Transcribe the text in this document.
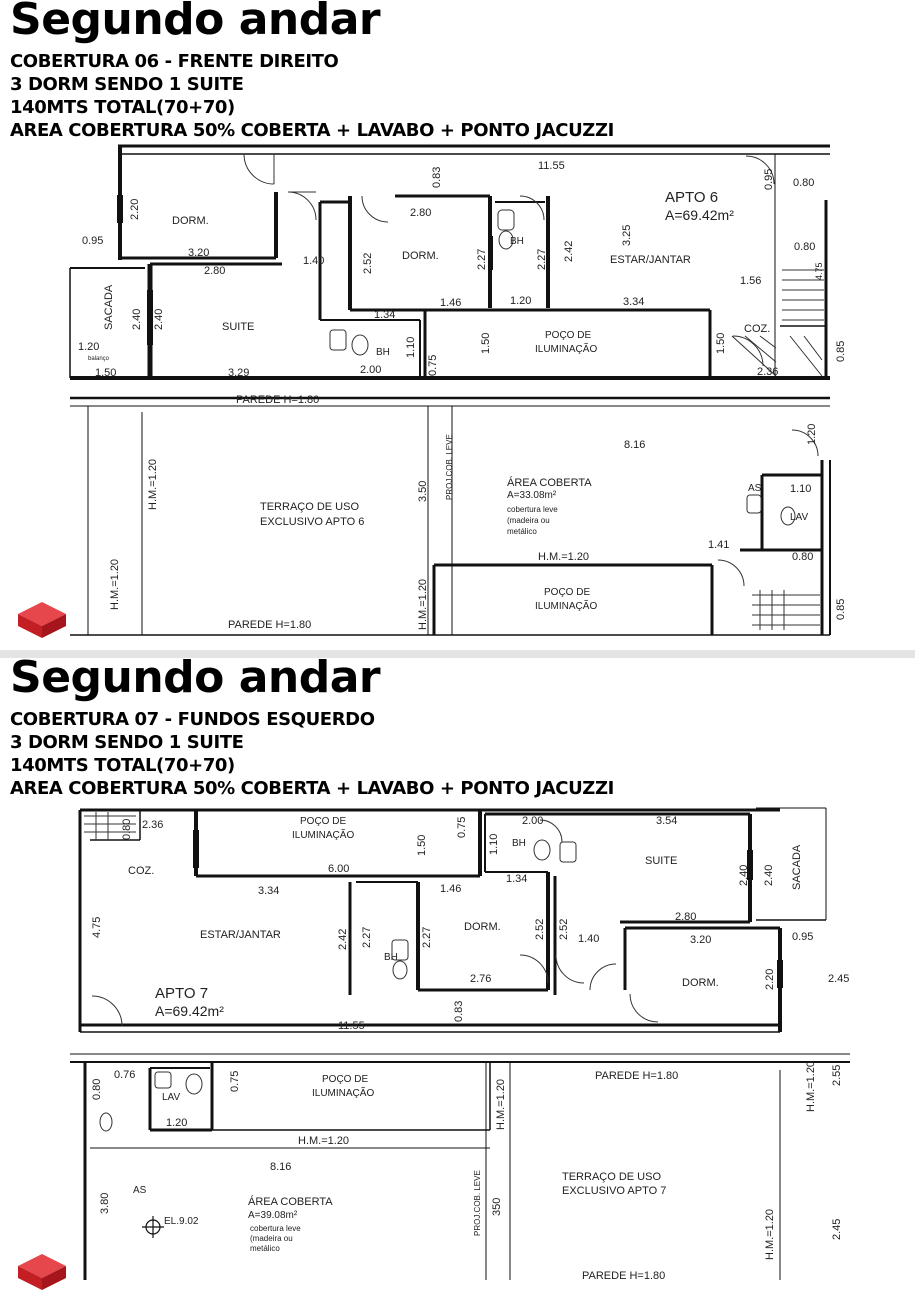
Segundo andar

COBERTURA 06 - FRENTE DIREITO

3 DORM SENDO 1 SUITE

140MTS TOTAL(70+70)

AREA COBERTURA 50% COBERTA + LAVABO + PONTO JACUZZI

0.83
11.55
0.95
0.80
2.20
3.20
2.80
1.40
2.80
2.52	2.27	2.27 2.42
3.25
0.95
0.80
4.75
1.56
2.40 2.40
1.20
1.50
1.34
1.46	1.20	3.34
1.10
0.75
1.50	1.50
3.29	2.00	2.36
0.85
DORM.
DORM.
SUITE
SACADA
balanço
BH
BH
ESTAR/JANTAR
APTO 6
A=69.42m²
POÇO DE
ILUMINAÇÃO
COZ.
PAREDE H=1.80
PAREDE H=1.80
H.M.=1.20
H.M.=1.20	H.M.=1.20
H.M.=1.20
TERRAÇO DE USO
EXCLUSIVO APTO 6
PROJ.COB. LEVE
3.50
8.16
ÁREA COBERTA
A=33.08m²
cobertura leve
(madeira ou
metálico
POÇO DE
ILUMINAÇÃO
AS
LAV
1.10
1.41
0.80
1.20
0.85
Segundo andar

COBERTURA 07 - FUNDOS ESQUERDO

3 DORM SENDO 1 SUITE

140MTS TOTAL(70+70)

AREA COBERTURA 50% COBERTA + LAVABO + PONTO JACUZZI

2.36
0.80	0.75
1.50
2.00	3.54
1.10
6.00
3.34	1.46
1.34
4.75
2.42 2.27	2.27	2.52 2.52 1.40
2.40 2.40
2.80
3.20	0.95
2.76	2.20	2.45
0.83
11.55
COZ.
POÇO DE
ILUMINAÇÃO
BH
BH
SUITE	SACADA
ESTAR/JANTAR
DORM.
DORM.
APTO 7
A=69.42m²
0.76
0.80	LAV
1.20
0.75	POÇO DE
ILUMINAÇÃO
H.M.=1.20
H.M.=1.20	H.M.=1.20
H.M.=1.20
PAREDE H=1.80
PAREDE H=1.80
2.55
2.45
8.16
3.80
AS
ÁREA COBERTA
A=39.08m²
cobertura leve
(madeira ou
metálico
EL.9.02	PROJ.COB. LEVE 350
TERRAÇO DE USO
EXCLUSIVO APTO 7
